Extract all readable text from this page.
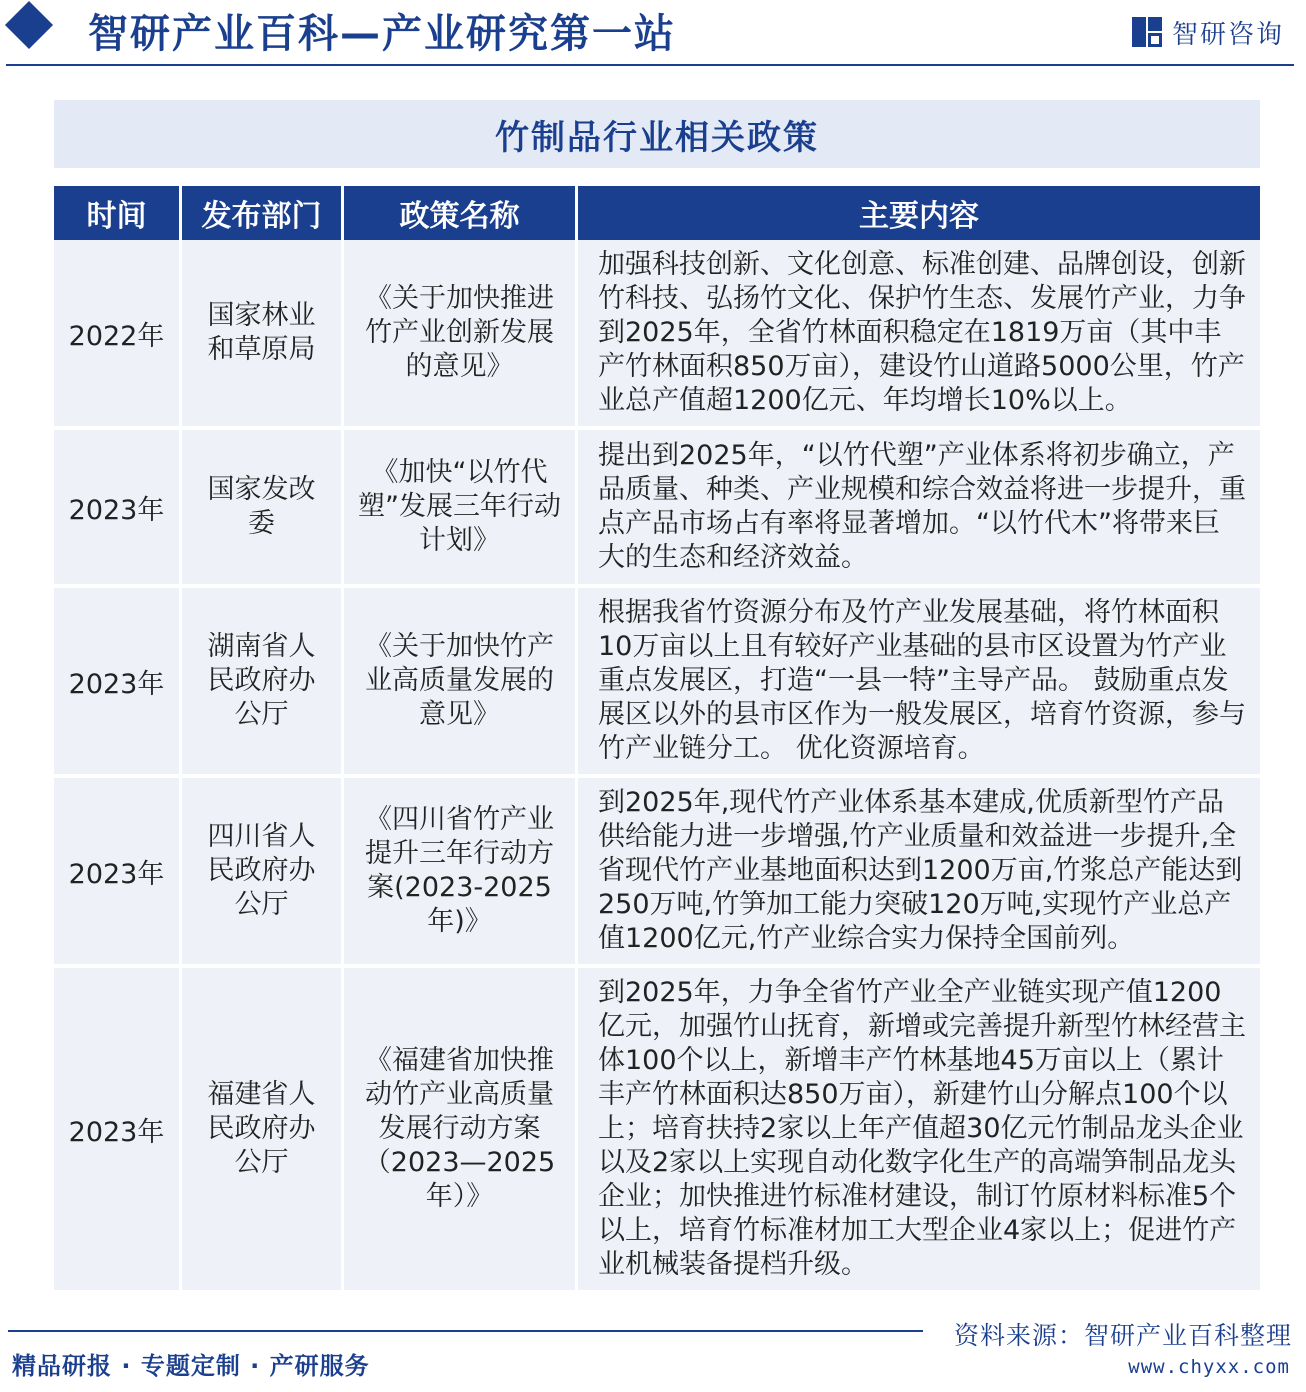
智研产业百科—产业研究第一站	智研咨询
竹制品行业相关政策
时间	发布部门	政策名称	主要内容
2022年	国家林业和草原局	《关于加快推进竹产业创新发展的意见》	加强科技创新、文化创意、标准创建、品牌创设，创新竹科技、弘扬竹文化、保护竹生态、发展竹产业，力争到2025年，全省竹林面积稳定在1819万亩（其中丰产竹林面积850万亩），建设竹山道路5000公里，竹产业总产值超1200亿元、年均增长10%以上。
2023年	国家发改委	《加快“以竹代塑”发展三年行动计划》	提出到2025年，“以竹代塑”产业体系将初步确立，产品质量、种类、产业规模和综合效益将进一步提升，重点产品市场占有率将显著增加。“以竹代木”将带来巨大的生态和经济效益。
2023年	湖南省人民政府办公厅	《关于加快竹产业高质量发展的意见》	根据我省竹资源分布及竹产业发展基础，将竹林面积10万亩以上且有较好产业基础的县市区设置为竹产业重点发展区，打造“一县一特”主导产品。 鼓励重点发展区以外的县市区作为一般发展区，培育竹资源，参与竹产业链分工。 优化资源培育。
2023年	四川省人民政府办公厅	《四川省竹产业提升三年行动方案(2023-2025年)》	到2025年,现代竹产业体系基本建成,优质新型竹产品供给能力进一步增强,竹产业质量和效益进一步提升,全省现代竹产业基地面积达到1200万亩,竹浆总产能达到250万吨,竹笋加工能力突破120万吨,实现竹产业总产值1200亿元,竹产业综合实力保持全国前列。
2023年	福建省人民政府办公厅	《福建省加快推动竹产业高质量发展行动方案（2023—2025年）》	到2025年，力争全省竹产业全产业链实现产值1200亿元，加强竹山抚育，新增或完善提升新型竹林经营主体100个以上，新增丰产竹林基地45万亩以上（累计丰产竹林面积达850万亩），新建竹山分解点100个以上；培育扶持2家以上年产值超30亿元竹制品龙头企业以及2家以上实现自动化数字化生产的高端笋制品龙头企业；加快推进竹标准材建设，制订竹原材料标准5个以上，培育竹标准材加工大型企业4家以上；促进竹产业机械装备提档升级。
资料来源：智研产业百科整理
精品研报 · 专题定制 · 产研服务	www.chyxx.com
